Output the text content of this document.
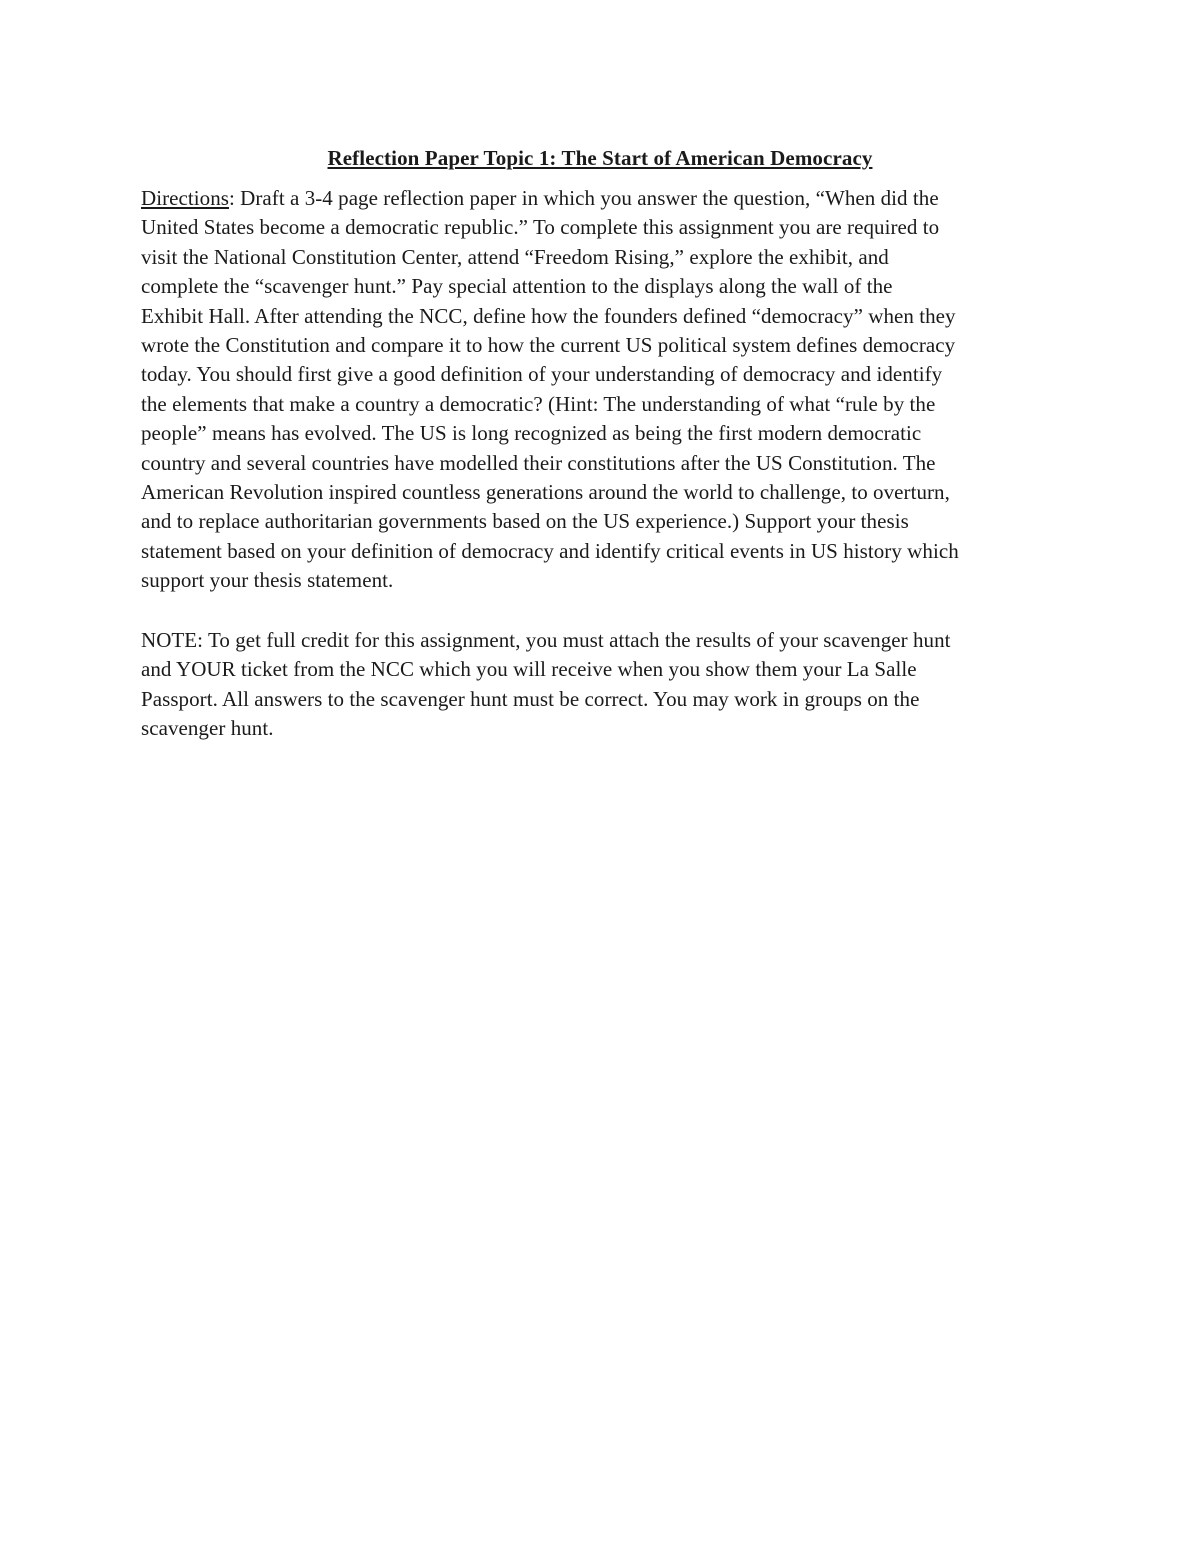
Reflection Paper Topic 1: The Start of American Democracy
Directions: Draft a 3-4 page reflection paper in which you answer the question, “When did the
United States become a democratic republic.” To complete this assignment you are required to
visit the National Constitution Center, attend “Freedom Rising,” explore the exhibit, and
complete the “scavenger hunt.” Pay special attention to the displays along the wall of the
Exhibit Hall. After attending the NCC, define how the founders defined “democracy” when they
wrote the Constitution and compare it to how the current US political system defines democracy
today. You should first give a good definition of your understanding of democracy and identify
the elements that make a country a democratic? (Hint: The understanding of what “rule by the
people” means has evolved. The US is long recognized as being the first modern democratic
country and several countries have modelled their constitutions after the US Constitution. The
American Revolution inspired countless generations around the world to challenge, to overturn,
and to replace authoritarian governments based on the US experience.) Support your thesis
statement based on your definition of democracy and identify critical events in US history which
support your thesis statement.
NOTE: To get full credit for this assignment, you must attach the results of your scavenger hunt
and YOUR ticket from the NCC which you will receive when you show them your La Salle
Passport. All answers to the scavenger hunt must be correct. You may work in groups on the
scavenger hunt.
